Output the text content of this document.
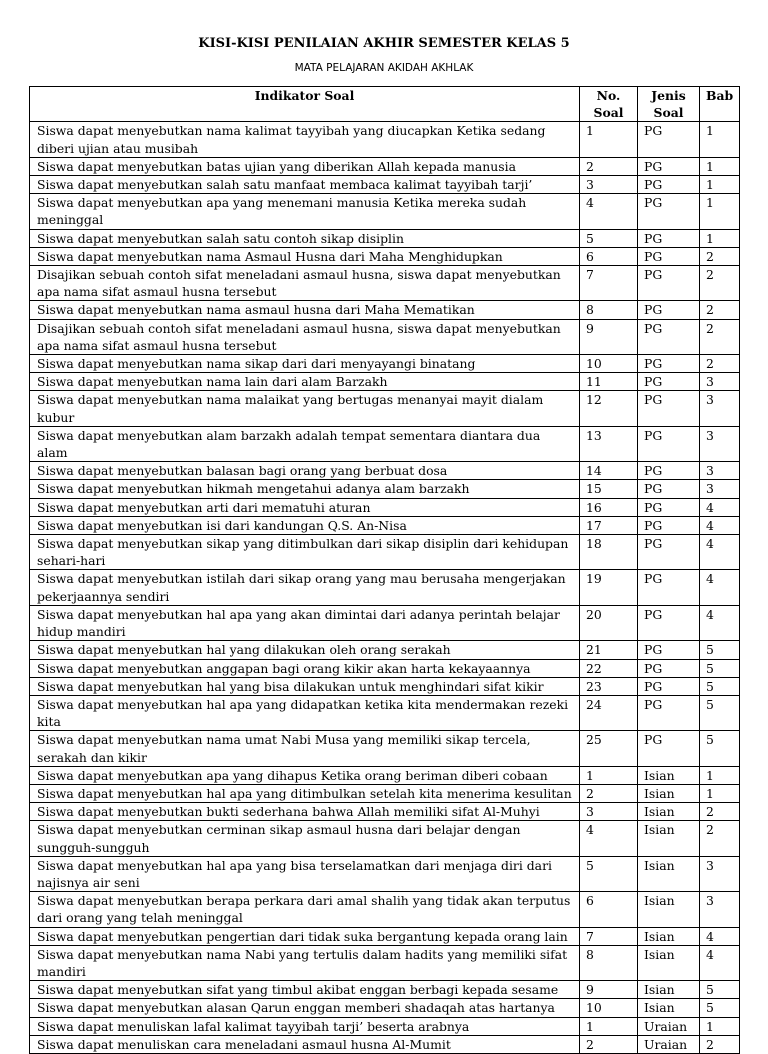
KISI-KISI PENILAIAN AKHIR SEMESTER KELAS 5
MATA PELAJARAN AKIDAH AKHLAK
Indikator Soal	No. Soal	Jenis Soal	Bab
Siswa dapat menyebutkan nama kalimat tayyibah yang diucapkan Ketika sedang diberi ujian atau musibah	1	PG	1
Siswa dapat menyebutkan batas ujian yang diberikan Allah kepada manusia	2	PG	1
Siswa dapat menyebutkan salah satu manfaat membaca kalimat tayyibah tarji’	3	PG	1
Siswa dapat menyebutkan apa yang menemani manusia Ketika mereka sudah meninggal	4	PG	1
Siswa dapat menyebutkan salah satu contoh sikap disiplin	5	PG	1
Siswa dapat menyebutkan nama Asmaul Husna dari Maha Menghidupkan	6	PG	2
Disajikan sebuah contoh sifat meneladani asmaul husna, siswa dapat menyebutkan apa nama sifat asmaul husna tersebut	7	PG	2
Siswa dapat menyebutkan nama asmaul husna dari Maha Mematikan	8	PG	2
Disajikan sebuah contoh sifat meneladani asmaul husna, siswa dapat menyebutkan apa nama sifat asmaul husna tersebut	9	PG	2
Siswa dapat menyebutkan nama sikap dari dari menyayangi binatang	10	PG	2
Siswa dapat menyebutkan nama lain dari alam Barzakh	11	PG	3
Siswa dapat menyebutkan nama malaikat yang bertugas menanyai mayit dialam kubur	12	PG	3
Siswa dapat menyebutkan alam barzakh adalah tempat sementara diantara dua alam	13	PG	3
Siswa dapat menyebutkan balasan bagi orang yang berbuat dosa	14	PG	3
Siswa dapat menyebutkan hikmah mengetahui adanya alam barzakh	15	PG	3
Siswa dapat menyebutkan arti dari mematuhi aturan	16	PG	4
Siswa dapat menyebutkan isi dari kandungan Q.S. An-Nisa	17	PG	4
Siswa dapat menyebutkan sikap yang ditimbulkan dari sikap disiplin dari kehidupan sehari-hari	18	PG	4
Siswa dapat menyebutkan istilah dari sikap orang yang mau berusaha mengerjakan pekerjaannya sendiri	19	PG	4
Siswa dapat menyebutkan hal apa yang akan dimintai dari adanya perintah belajar hidup mandiri	20	PG	4
Siswa dapat menyebutkan hal yang dilakukan oleh orang serakah	21	PG	5
Siswa dapat menyebutkan anggapan bagi orang kikir akan harta kekayaannya	22	PG	5
Siswa dapat menyebutkan hal yang bisa dilakukan untuk menghindari sifat kikir	23	PG	5
Siswa dapat menyebutkan hal apa yang didapatkan ketika kita mendermakan rezeki kita	24	PG	5
Siswa dapat menyebutkan nama umat Nabi Musa yang memiliki sikap tercela, serakah dan kikir	25	PG	5
Siswa dapat menyebutkan apa yang dihapus Ketika orang beriman diberi cobaan	1	Isian	1
Siswa dapat menyebutkan hal apa yang ditimbulkan setelah kita menerima kesulitan	2	Isian	1
Siswa dapat menyebutkan bukti sederhana bahwa Allah memiliki sifat Al-Muhyi	3	Isian	2
Siswa dapat menyebutkan cerminan sikap asmaul husna dari belajar dengan sungguh-sungguh	4	Isian	2
Siswa dapat menyebutkan hal apa yang bisa terselamatkan dari menjaga diri dari najisnya air seni	5	Isian	3
Siswa dapat menyebutkan berapa perkara dari amal shalih yang tidak akan terputus dari orang yang telah meninggal	6	Isian	3
Siswa dapat menyebutkan pengertian dari tidak suka bergantung kepada orang lain	7	Isian	4
Siswa dapat menyebutkan nama Nabi yang tertulis dalam hadits yang memiliki sifat mandiri	8	Isian	4
Siswa dapat menyebutkan sifat yang timbul akibat enggan berbagi kepada sesame	9	Isian	5
Siswa dapat menyebutkan alasan Qarun enggan memberi shadaqah atas hartanya	10	Isian	5
Siswa dapat menuliskan lafal kalimat tayyibah tarji’ beserta arabnya	1	Uraian	1
Siswa dapat menuliskan cara meneladani asmaul husna Al-Mumit	2	Uraian	2
